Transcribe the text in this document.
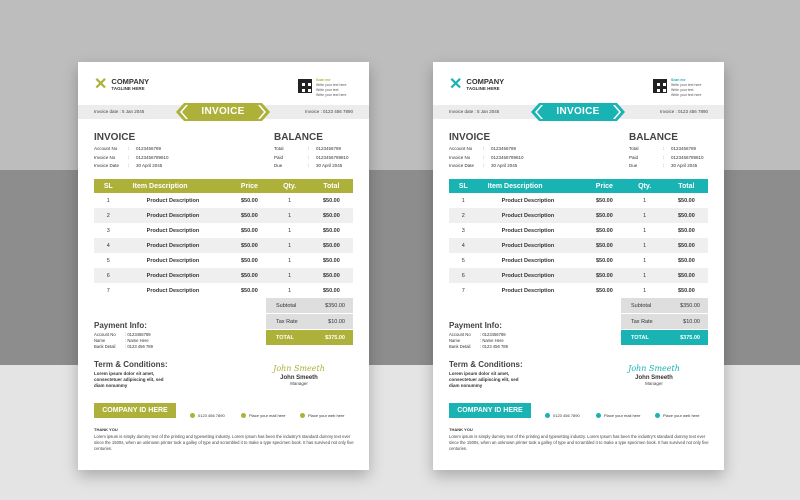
✕ COMPANY
TAGLINE HERE
Scan me
Write your text here
Write your text
Write your text here
Invoice date : 5 Jan 2045	Invoice : 0123 456 7890
INVOICE
INVOICE
Account No	:	0123456789
Invoice No	:	0123456789810
Invoice Date	:	30 April 2045
BALANCE
Total	:	0123456789
Paid	:	0123456789810
Due	:	30 April 2045
SL	Item Description	Price	Qty.	Total
1	Product Description	$50.00	1	$50.00
2	Product Description	$50.00	1	$50.00
3	Product Description	$50.00	1	$50.00
4	Product Description	$50.00	1	$50.00
5	Product Description	$50.00	1	$50.00
6	Product Description	$50.00	1	$50.00
7	Product Description	$50.00	1	$50.00
Subtotal	$350.00
Tax Rate	$10.00
TOTAL	$375.00
Payment Info:
Account No	: 0123456789
Name	: Name Here
Bank Detail	: 0123 456 789
Term & Conditions:
Lorem ipsum dolor sit amet, consectetuer adipiscing elit, sed diam nonummy
John Smeeth
John Smeeth
Manager
COMPANY ID HERE
0123 456 7890	Place your mail here	Place your web here
THANK YOU
Lorem ipsum is simply dummy text of the printing and typesetting industry. Lorem Ipsum has been the industry's standard dummy text ever since the 1500s, when an unknown printer took a galley of type and scrambled it to make a type specimen book. It has survived not only five centuries.
✕ COMPANY
TAGLINE HERE
Scan me
Write your text here
Write your text
Write your text here
Invoice date : 5 Jan 2045	Invoice : 0123 456 7890
INVOICE
INVOICE
Account No	:	0123456789
Invoice No	:	0123456789810
Invoice Date	:	30 April 2045
BALANCE
Total	:	0123456789
Paid	:	0123456789810
Due	:	30 April 2045
SL	Item Description	Price	Qty.	Total
1	Product Description	$50.00	1	$50.00
2	Product Description	$50.00	1	$50.00
3	Product Description	$50.00	1	$50.00
4	Product Description	$50.00	1	$50.00
5	Product Description	$50.00	1	$50.00
6	Product Description	$50.00	1	$50.00
7	Product Description	$50.00	1	$50.00
Subtotal	$350.00
Tax Rate	$10.00
TOTAL	$375.00
Payment Info:
Account No	: 0123456789
Name	: Name Here
Bank Detail	: 0123 456 789
Term & Conditions:
Lorem ipsum dolor sit amet, consectetuer adipiscing elit, sed diam nonummy
John Smeeth
John Smeeth
Manager
COMPANY ID HERE
0123 456 7890	Place your mail here	Place your web here
THANK YOU
Lorem ipsum is simply dummy text of the printing and typesetting industry. Lorem Ipsum has been the industry's standard dummy text ever since the 1500s, when an unknown printer took a galley of type and scrambled it to make a type specimen book. It has survived not only five centuries.
